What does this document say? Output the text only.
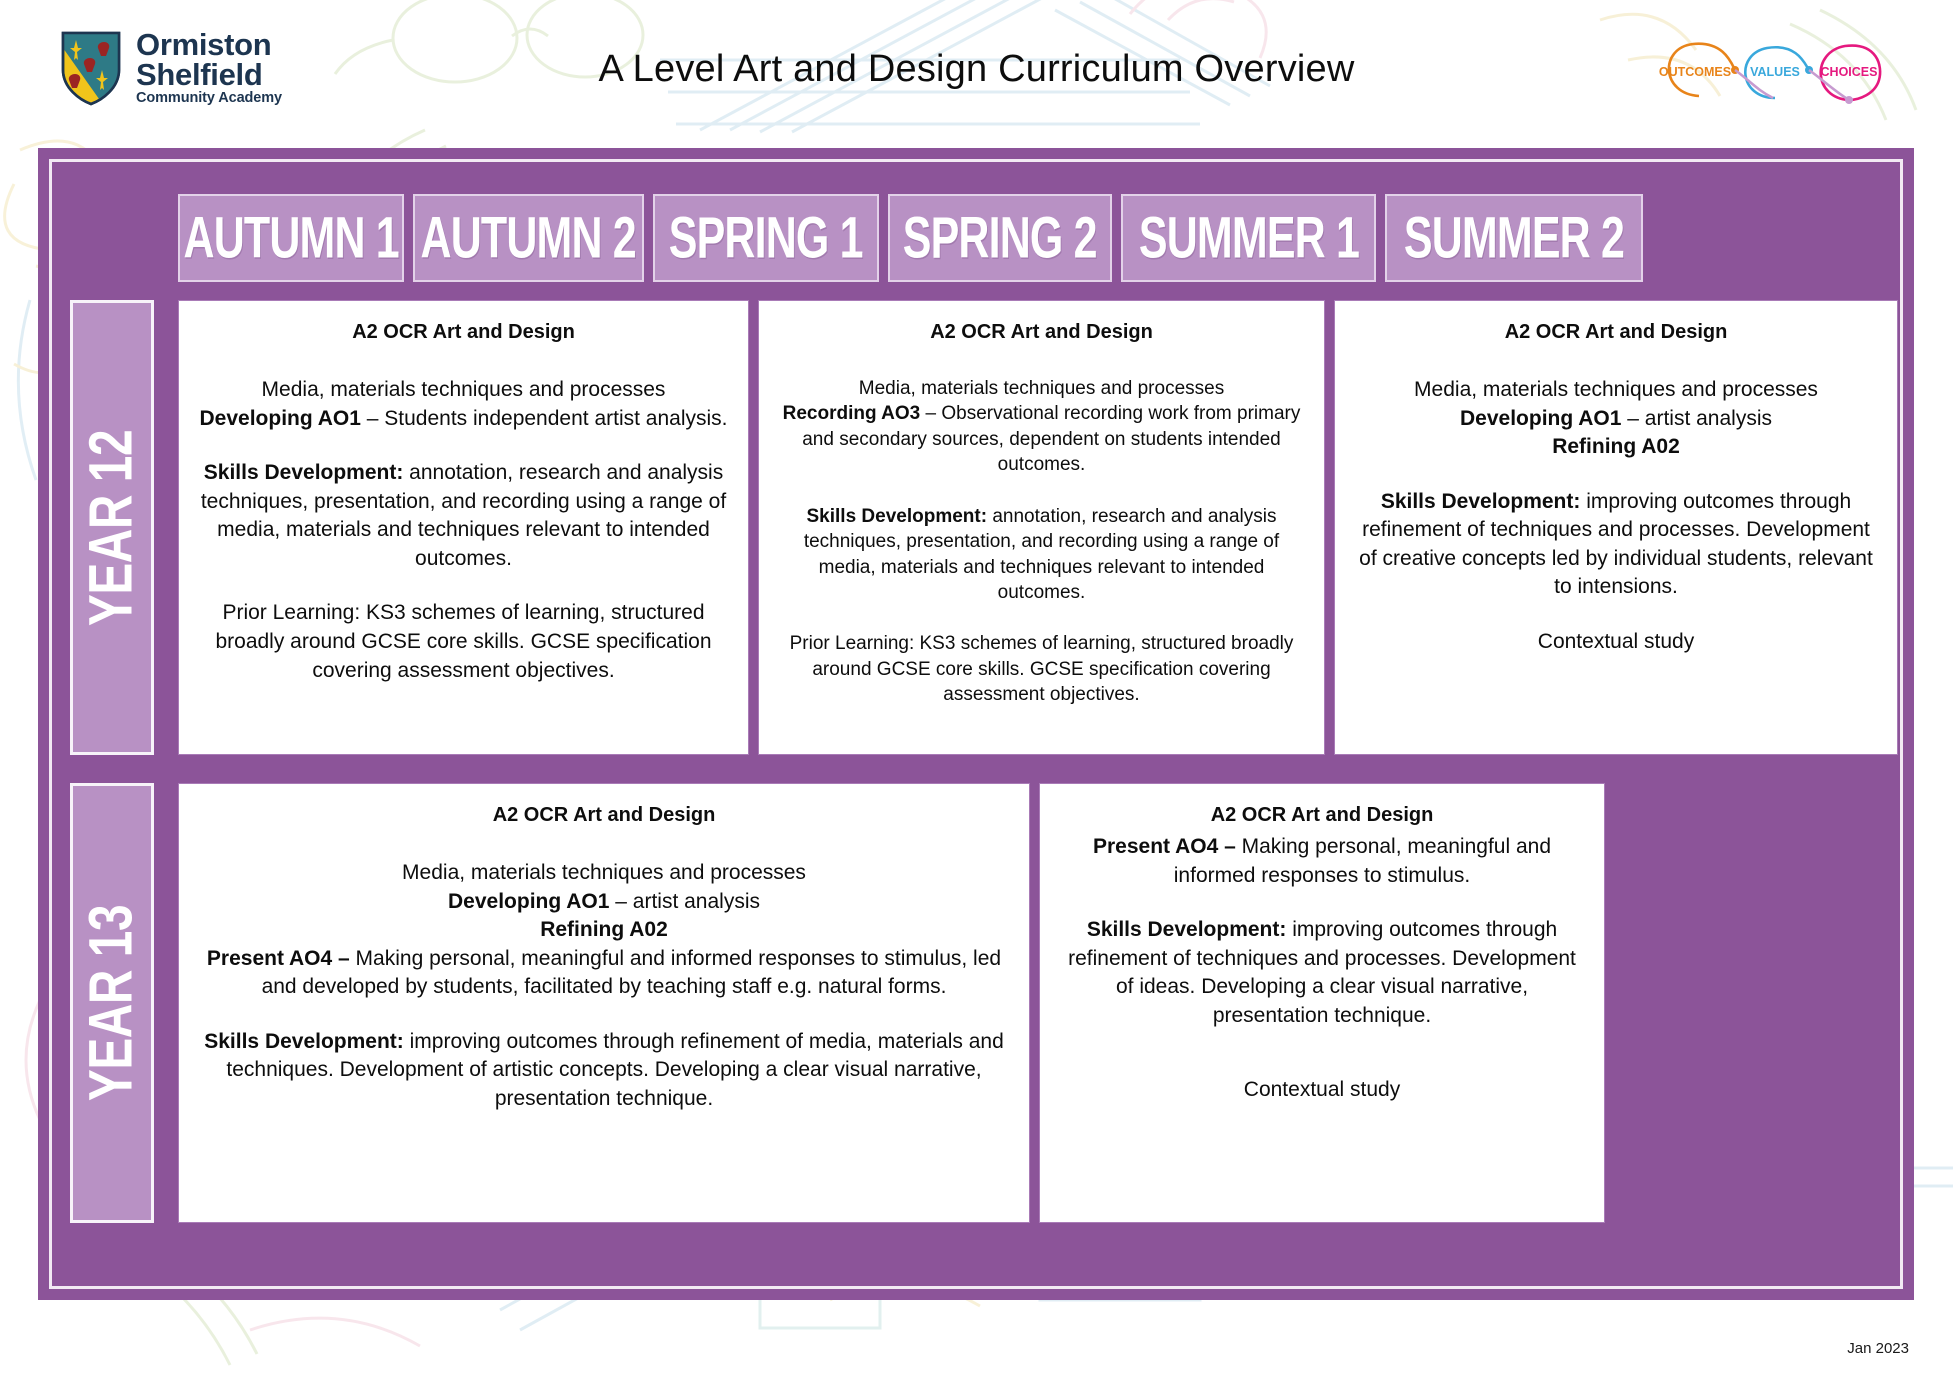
Ormiston
Shelfield
Community Academy
A Level Art and Design Curriculum Overview	OUTCOMES VALUES CHOICES
AUTUMN 1 AUTUMN 2 SPRING 1 SPRING 2 SUMMER 1 SUMMER 2
YEAR 12

A2 OCR Art and Design

Media, materials techniques and processes

Developing AO1 – Students independent artist analysis.

Skills Development: annotation, research and analysis techniques, presentation, and recording using a range of media, materials and techniques relevant to intended outcomes.

Prior Learning: KS3 schemes of learning, structured broadly around GCSE core skills. GCSE specification covering assessment objectives.

A2 OCR Art and Design

Media, materials techniques and processes

Recording AO3 – Observational recording work from primary and secondary sources, dependent on students intended outcomes.

Skills Development: annotation, research and analysis techniques, presentation, and recording using a range of media, materials and techniques relevant to intended outcomes.

Prior Learning: KS3 schemes of learning, structured broadly around GCSE core skills. GCSE specification covering assessment objectives.

A2 OCR Art and Design

Media, materials techniques and processes

Developing AO1 – artist analysis

Refining A02

Skills Development: improving outcomes through refinement of techniques and processes. Development of creative concepts led by individual students, relevant to intensions.

Contextual study

YEAR 13

A2 OCR Art and Design

Media, materials techniques and processes

Developing AO1 – artist analysis

Refining A02

Present AO4 – Making personal, meaningful and informed responses to stimulus, led and developed by students, facilitated by teaching staff e.g. natural forms.

Skills Development: improving outcomes through refinement of media, materials and techniques. Development of artistic concepts. Developing a clear visual narrative, presentation technique.

A2 OCR Art and Design

Present AO4 – Making personal, meaningful and informed responses to stimulus.

Skills Development: improving outcomes through refinement of techniques and processes. Development of ideas. Developing a clear visual narrative, presentation technique.

Contextual study

Jan 2023
